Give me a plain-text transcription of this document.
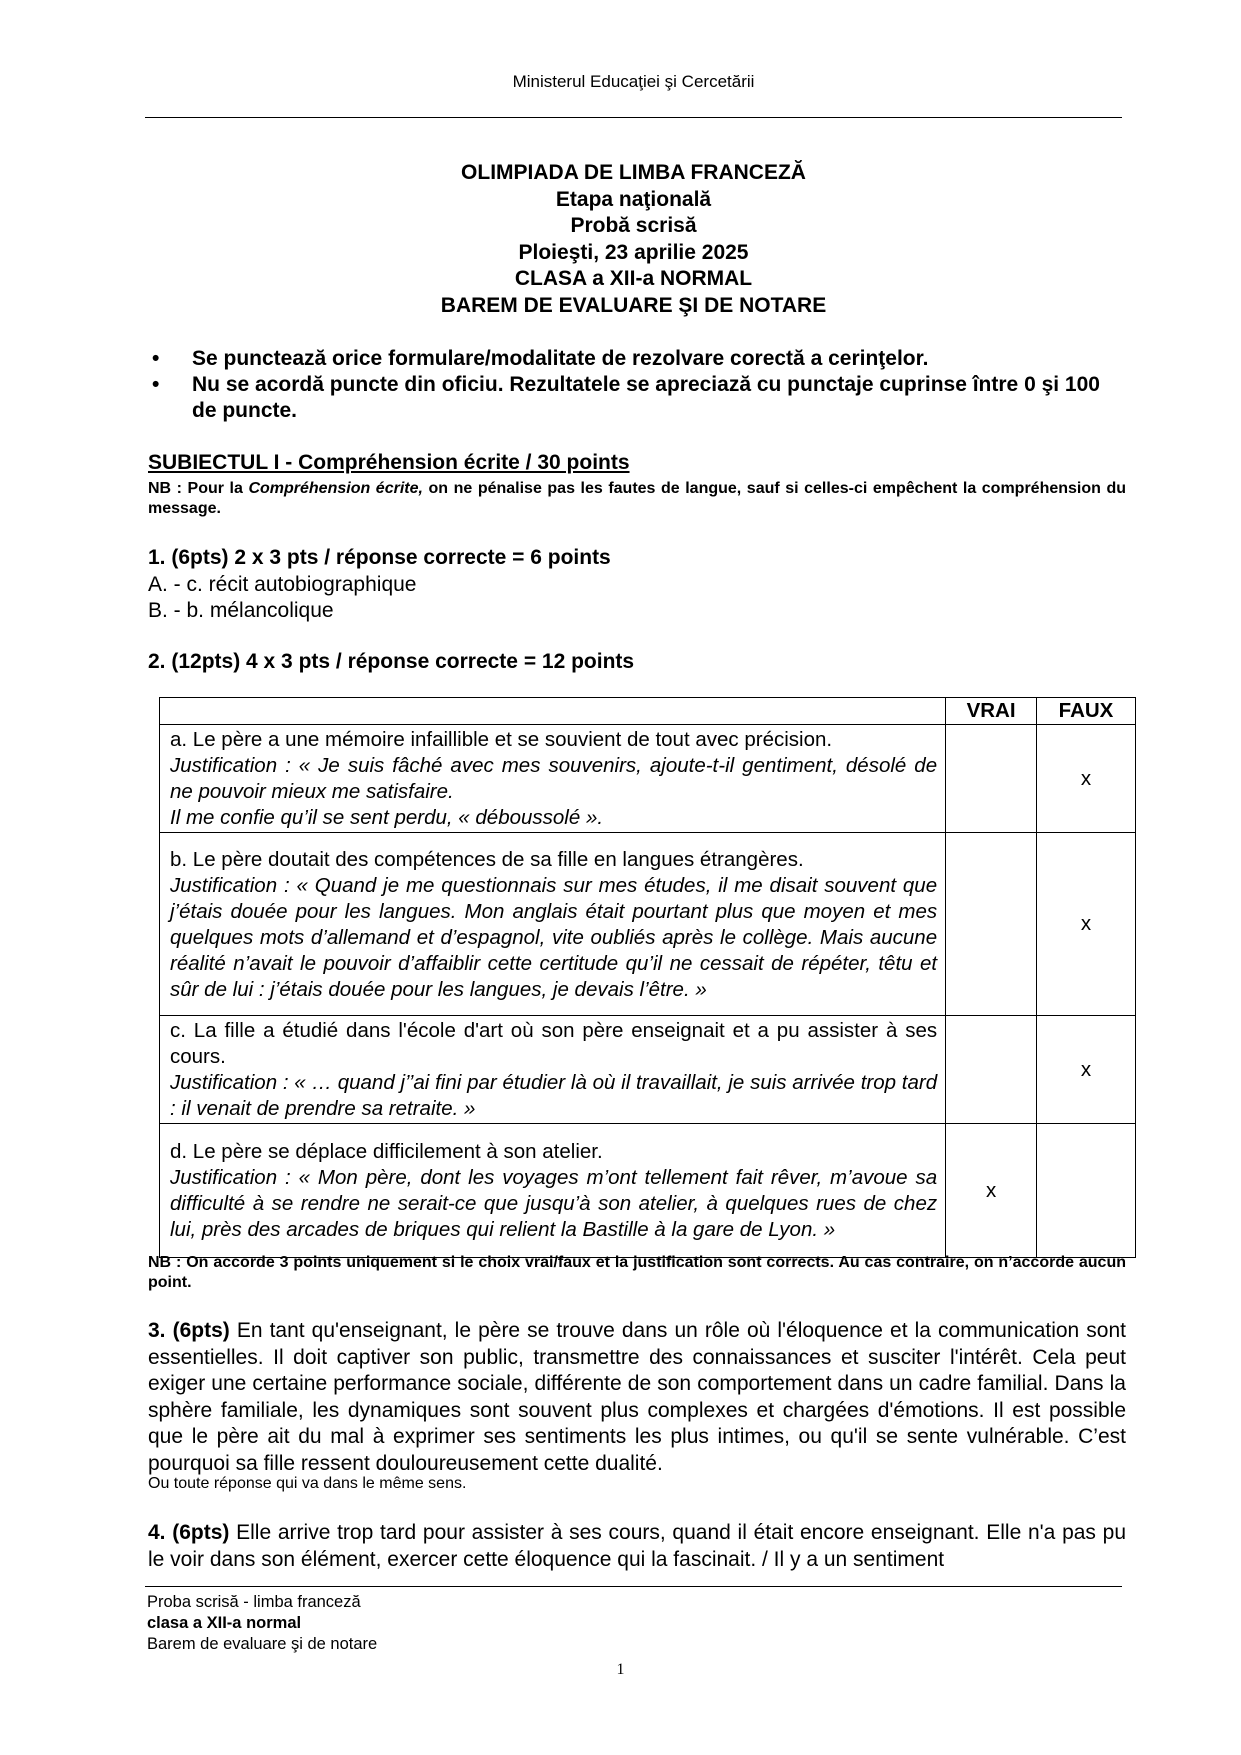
Ministerul Educaţiei şi Cercetării
OLIMPIADA DE LIMBA FRANCEZĂ
Etapa naţională
Probă scrisă
Ploieşti, 23 aprilie 2025
CLASA a XII-a NORMAL
BAREM DE EVALUARE ŞI DE NOTARE
• Se punctează orice formulare/modalitate de rezolvare corectă a cerinţelor.
• Nu se acordă puncte din oficiu. Rezultatele se apreciază cu punctaje cuprinse între 0 şi 100 de puncte.
SUBIECTUL I - Compréhension écrite / 30 points
NB : Pour la Compréhension écrite, on ne pénalise pas les fautes de langue, sauf si celles-ci empêchent la compréhension du message.
1. (6pts) 2 x 3 pts / réponse correcte = 6 points
A. - c. récit autobiographique
B. - b. mélancolique
2. (12pts) 4 x 3 pts / réponse correcte = 12 points
	VRAI	FAUX

a. Le père a une mémoire infaillible et se souvient de tout avec précision.
Justification : « Je suis fâché avec mes souvenirs, ajoute-t-il gentiment, désolé de ne pouvoir mieux me satisfaire.
Il me confie qu’il se sent perdu, « déboussolé ».		x

b. Le père doutait des compétences de sa fille en langues étrangères.
Justification : « Quand je me questionnais sur mes études, il me disait souvent que j’étais douée pour les langues. Mon anglais était pourtant plus que moyen et mes quelques mots d’allemand et d’espagnol, vite oubliés après le collège. Mais aucune réalité n’avait le pouvoir d’affaiblir cette certitude qu’il ne cessait de répéter, têtu et sûr de lui : j’étais douée pour les langues, je devais l’être. »		x

c. La fille a étudié dans l'école d'art où son père enseignait et a pu assister à ses cours.
Justification : « … quand j’’ai fini par étudier là où il travaillait, je suis arrivée trop tard : il venait de prendre sa retraite. »		x

d. Le père se déplace difficilement à son atelier.
Justification : « Mon père, dont les voyages m’ont tellement fait rêver, m’avoue sa difficulté à se rendre ne serait-ce que jusqu’à son atelier, à quelques rues de chez lui, près des arcades de briques qui relient la Bastille à la gare de Lyon. »	x	
NB : On accorde 3 points uniquement si le choix vrai/faux et la justification sont corrects. Au cas contraire, on n’accorde aucun point.
3. (6pts) En tant qu'enseignant, le père se trouve dans un rôle où l'éloquence et la communication sont essentielles. Il doit captiver son public, transmettre des connaissances et susciter l'intérêt. Cela peut exiger une certaine performance sociale, différente de son comportement dans un cadre familial. Dans la sphère familiale, les dynamiques sont souvent plus complexes et chargées d'émotions. Il est possible que le père ait du mal à exprimer ses sentiments les plus intimes, ou qu'il se sente vulnérable. C’est pourquoi sa fille ressent douloureusement cette dualité.
Ou toute réponse qui va dans le même sens.
4. (6pts) Elle arrive trop tard pour assister à ses cours, quand il était encore enseignant. Elle n'a pas pu le voir dans son élément, exercer cette éloquence qui la fascinait. / Il y a un sentiment
Proba scrisă - limba franceză
clasa a XII-a normal
Barem de evaluare şi de notare
1
